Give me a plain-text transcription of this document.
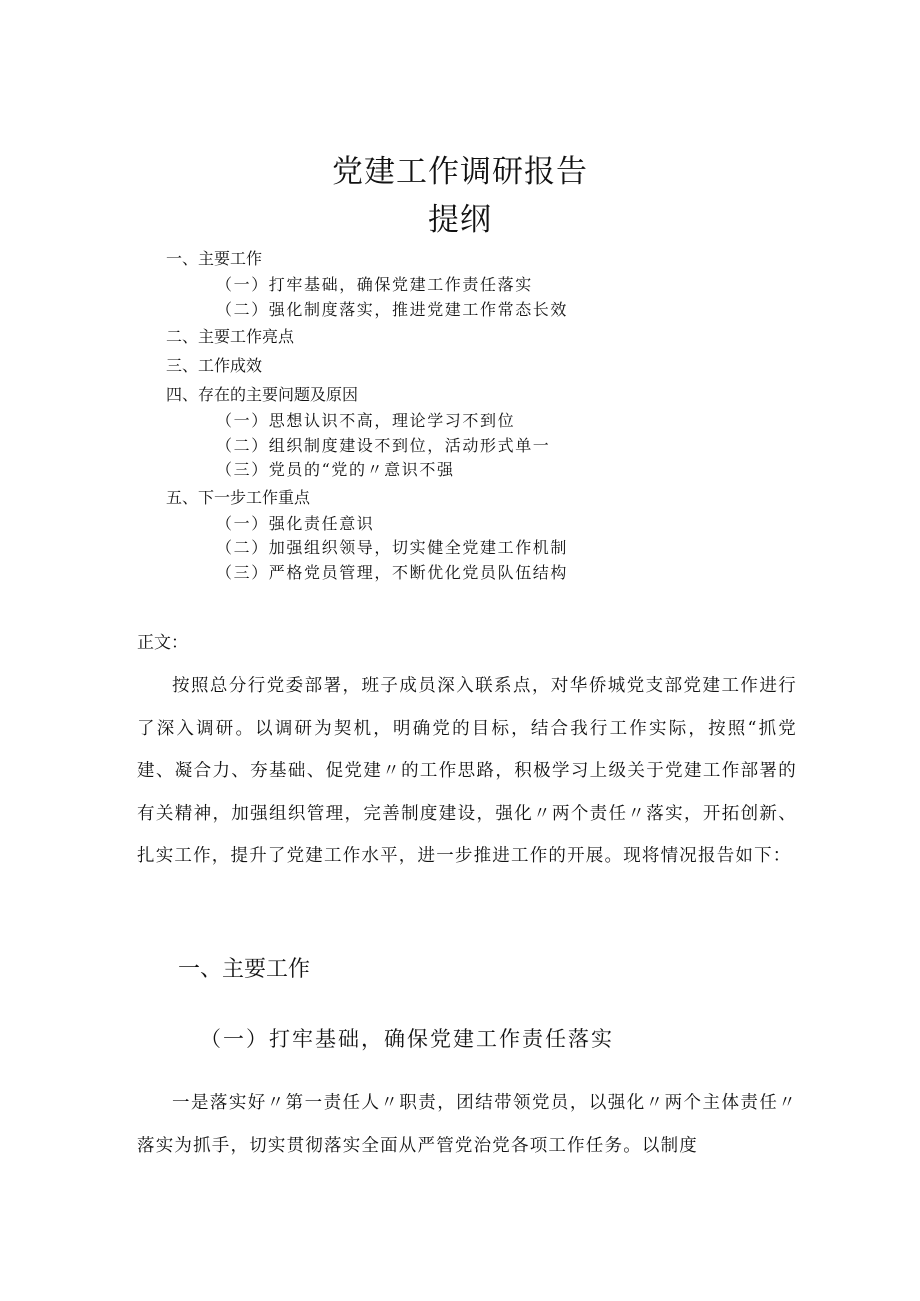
党建工作调研报告
提纲
一、主要工作
（一）打牢基础，确保党建工作责任落实
（二）强化制度落实，推进党建工作常态长效
二、主要工作亮点
三、工作成效
四、存在的主要问题及原因
（一）思想认识不高，理论学习不到位
（二）组织制度建设不到位，活动形式单一
（三）党员的“党的〃意识不强
五、下一步工作重点
（一）强化责任意识
（二）加强组织领导，切实健全党建工作机制
（三）严格党员管理，不断优化党员队伍结构

正文：

按照总分行党委部署，班子成员深入联系点，对华侨城党支部党建工作进行了深入调研。以调研为契机，明确党的目标，结合我行工作实际，按照“抓党建、凝合力、夯基础、促党建〃的工作思路，积极学习上级关于党建工作部署的有关精神，加强组织管理，完善制度建设，强化〃两个责任〃落实，开拓创新、扎实工作，提升了党建工作水平，进一步推进工作的开展。现将情况报告如下：

一、主要工作
（一）打牢基础，确保党建工作责任落实

一是落实好〃第一责任人〃职责，团结带领党员，以强化〃两个主体责任〃落实为抓手，切实贯彻落实全面从严管党治党各项工作任务。以制度
